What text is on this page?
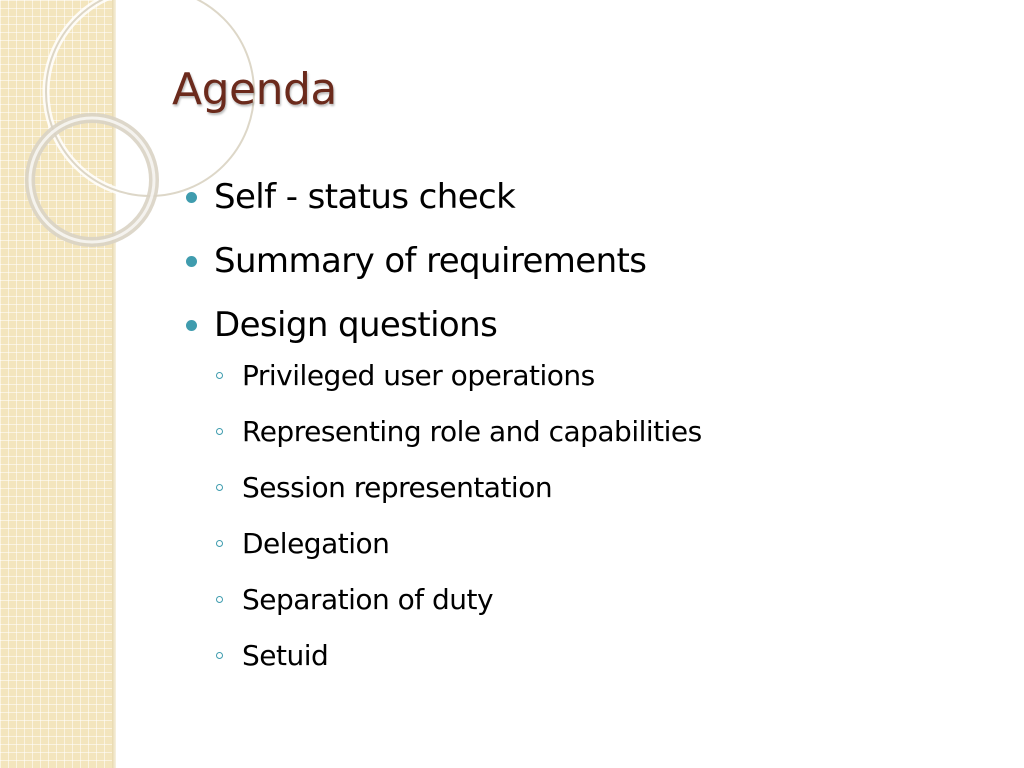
Agenda
Self - status check
Summary of requirements
Design questions
Privileged user operations
Representing role and capabilities
Session representation
Delegation
Separation of duty
Setuid
